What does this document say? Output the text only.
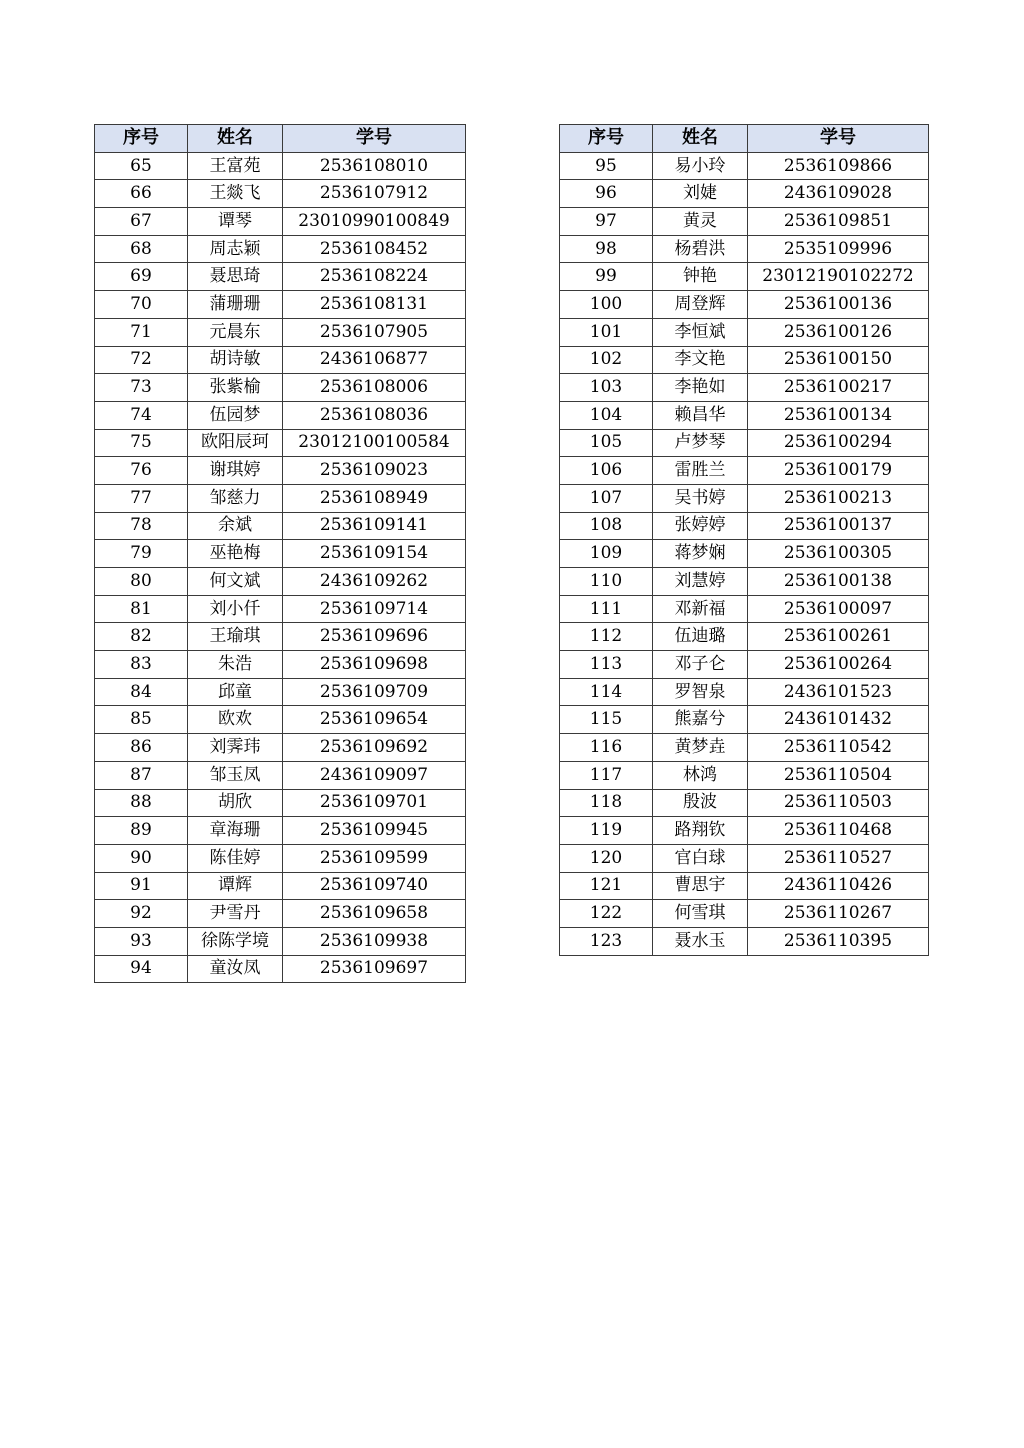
序号	姓名	学号
65	王富苑	2536108010
66	王燚飞	2536107912
67	谭琴	23010990100849
68	周志颖	2536108452
69	聂思琦	2536108224
70	蒲珊珊	2536108131
71	元晨东	2536107905
72	胡诗敏	2436106877
73	张紫榆	2536108006
74	伍园梦	2536108036
75	欧阳辰珂	23012100100584
76	谢琪婷	2536109023
77	邹慈力	2536108949
78	余斌	2536109141
79	巫艳梅	2536109154
80	何文斌	2436109262
81	刘小仟	2536109714
82	王瑜琪	2536109696
83	朱浩	2536109698
84	邱童	2536109709
85	欧欢	2536109654
86	刘霁玮	2536109692
87	邹玉凤	2436109097
88	胡欣	2536109701
89	章海珊	2536109945
90	陈佳婷	2536109599
91	谭辉	2536109740
92	尹雪丹	2536109658
93	徐陈学境	2536109938
94	童汝凤	2536109697
序号	姓名	学号
95	易小玲	2536109866
96	刘婕	2436109028
97	黄灵	2536109851
98	杨碧洪	2535109996
99	钟艳	23012190102272
100	周登辉	2536100136
101	李恒斌	2536100126
102	李文艳	2536100150
103	李艳如	2536100217
104	赖昌华	2536100134
105	卢梦琴	2536100294
106	雷胜兰	2536100179
107	吴书婷	2536100213
108	张婷婷	2536100137
109	蒋梦娴	2536100305
110	刘慧婷	2536100138
111	邓新福	2536100097
112	伍迪璐	2536100261
113	邓子仑	2536100264
114	罗智泉	2436101523
115	熊嘉兮	2436101432
116	黄梦垚	2536110542
117	林鸿	2536110504
118	殷波	2536110503
119	路翔钦	2536110468
120	官白球	2536110527
121	曹思宇	2436110426
122	何雪琪	2536110267
123	聂水玉	2536110395
